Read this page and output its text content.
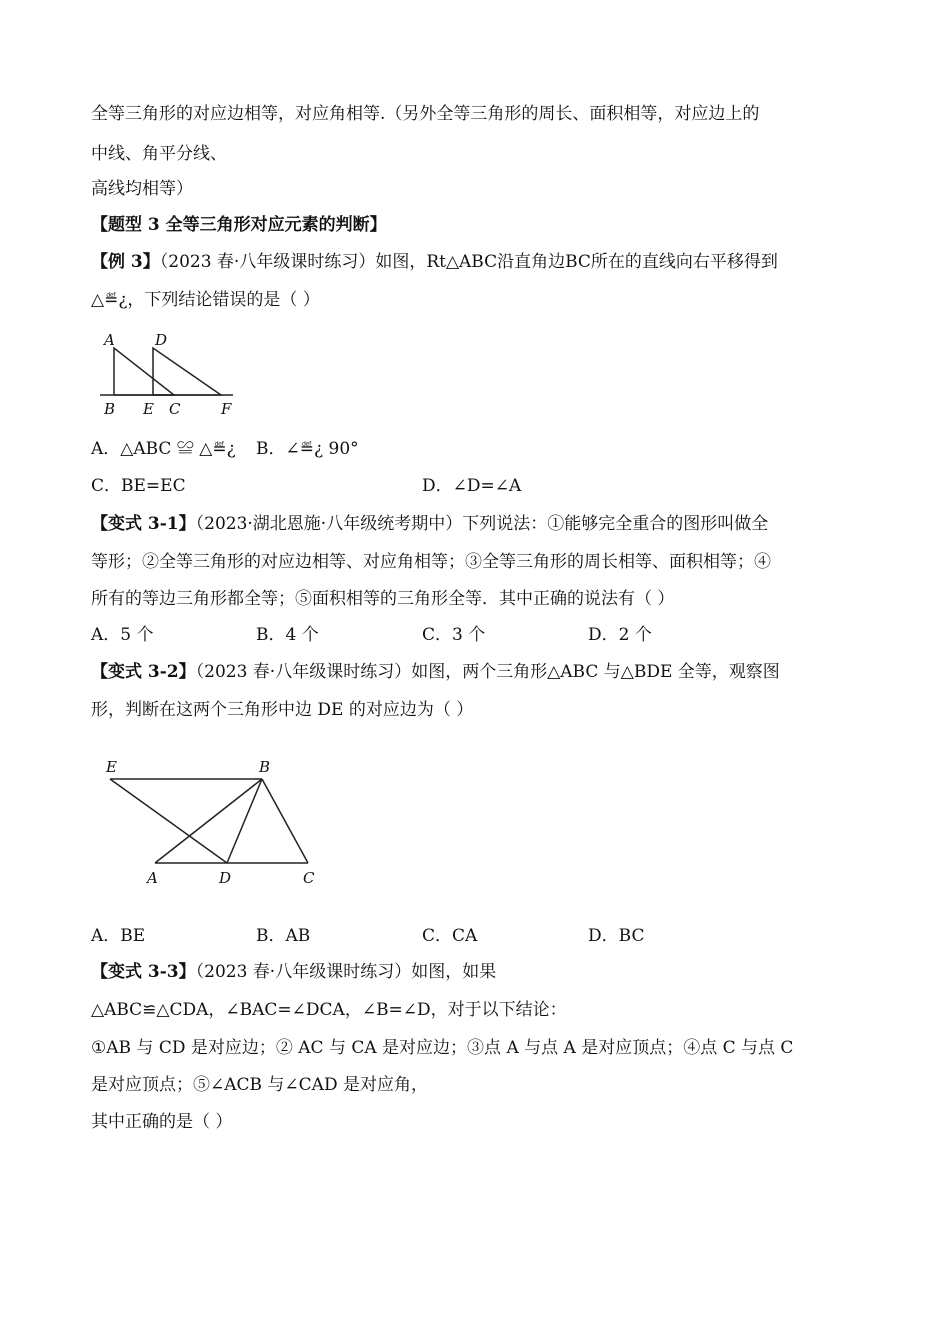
全等三角形的对应边相等，对应角相等.（另外全等三角形的周长、面积相等，对应边上的
中线、角平分线、
高线均相等）
【题型 3 全等三角形对应元素的判断】
【例 3】（2023 春·八年级课时练习）如图，Rt△ABC沿直角边BC所在的直线向右平移得到
△≝¿，下列结论错误的是（ ）
A	D
B E C	F
A．△ABC ≌ △≝¿ B．∠≝¿ 90°
C．BE=EC	D．∠D=∠A
【变式 3-1】（2023·湖北恩施·八年级统考期中）下列说法：①能够完全重合的图形叫做全
等形；②全等三角形的对应边相等、对应角相等；③全等三角形的周长相等、面积相等；④
所有的等边三角形都全等；⑤面积相等的三角形全等．其中正确的说法有（ ）
A．5 个	B．4 个	C．3 个	D．2 个
【变式 3-2】（2023 春·八年级课时练习）如图，两个三角形△ABC 与△BDE 全等，观察图
形，判断在这两个三角形中边 DE 的对应边为（ ）
E	B
A	D	C
A．BE	B．AB	C．CA	D．BC
【变式 3-3】（2023 春·八年级课时练习）如图，如果
△ABC≌△CDA，∠BAC=∠DCA，∠B=∠D，对于以下结论：
①AB 与 CD 是对应边；② AC 与 CA 是对应边；③点 A 与点 A 是对应顶点；④点 C 与点 C
是对应顶点；⑤∠ACB 与∠CAD 是对应角，
其中正确的是（ ）
